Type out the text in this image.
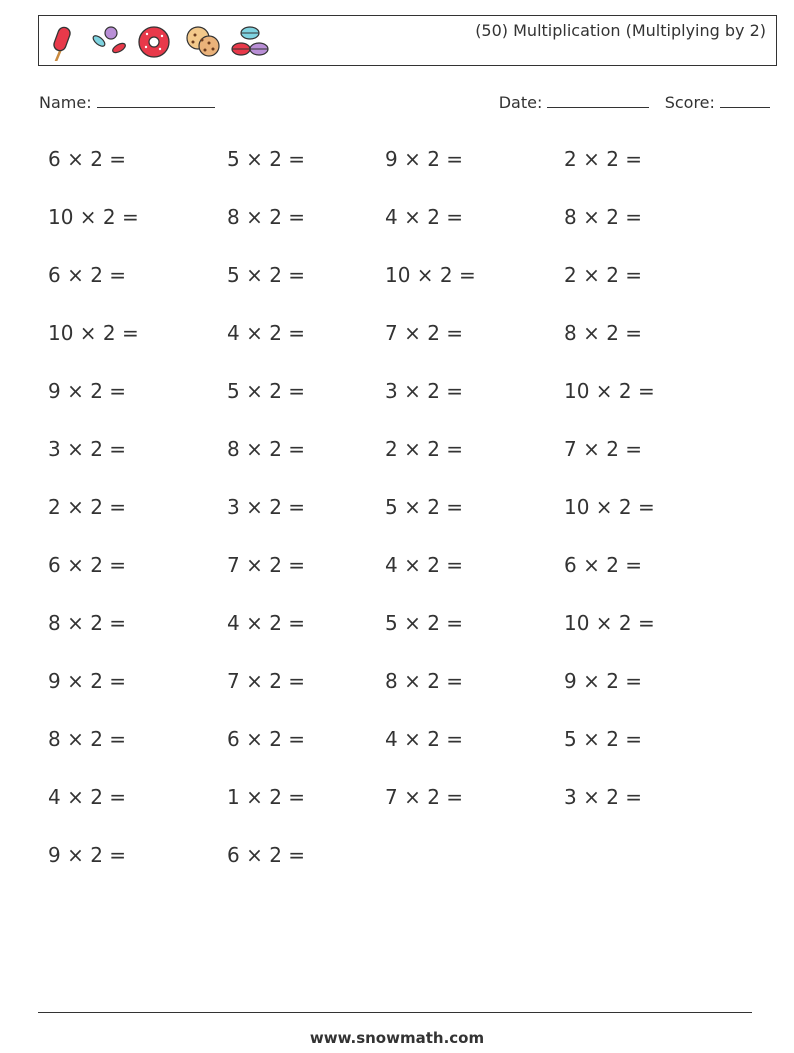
(50) Multiplication (Multiplying by 2)
Name:	Date:	Score:
6 × 2 =	5 × 2 =	9 × 2 =	2 × 2 =
10 × 2 =	8 × 2 =	4 × 2 =	8 × 2 =
6 × 2 =	5 × 2 =	10 × 2 =	2 × 2 =
10 × 2 =	4 × 2 =	7 × 2 =	8 × 2 =
9 × 2 =	5 × 2 =	3 × 2 =	10 × 2 =
3 × 2 =	8 × 2 =	2 × 2 =	7 × 2 =
2 × 2 =	3 × 2 =	5 × 2 =	10 × 2 =
6 × 2 =	7 × 2 =	4 × 2 =	6 × 2 =
8 × 2 =	4 × 2 =	5 × 2 =	10 × 2 =
9 × 2 =	7 × 2 =	8 × 2 =	9 × 2 =
8 × 2 =	6 × 2 =	4 × 2 =	5 × 2 =
4 × 2 =	1 × 2 =	7 × 2 =	3 × 2 =
9 × 2 =	6 × 2 =
www.snowmath.com
